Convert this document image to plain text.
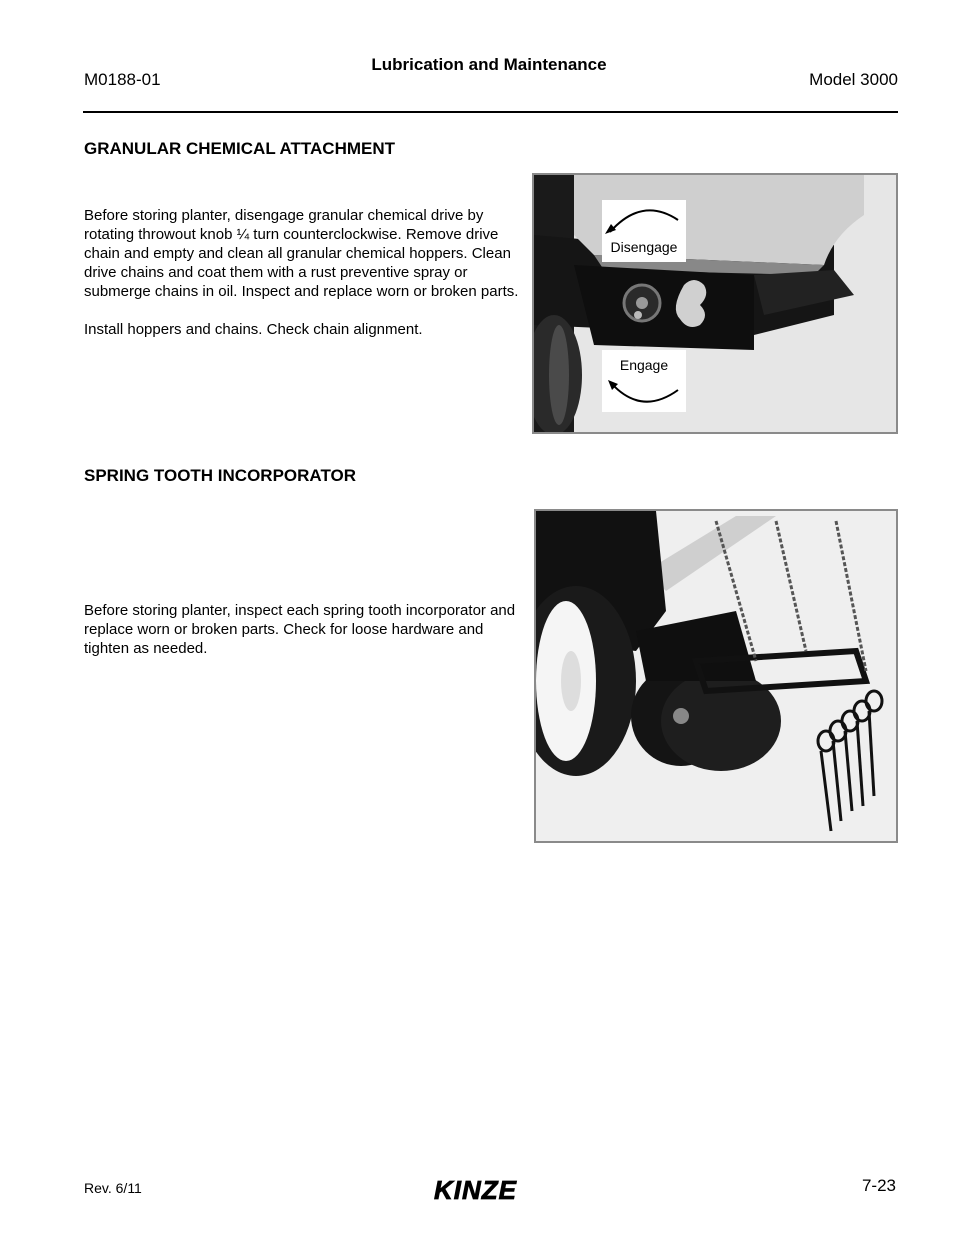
M0188-01
Lubrication and Maintenance
Model 3000
GRANULAR CHEMICAL ATTACHMENT

Before storing planter, disengage granular chemical drive by rotating throwout knob ¼ turn counterclockwise. Remove drive chain and empty and clean all granular chemical hoppers. Clean drive chains and coat them with a rust preventive spray or submerge chains in oil. Inspect and replace worn or broken parts.

Install hoppers and chains. Check chain alignment.

Disengage
Engage
SPRING TOOTH INCORPORATOR

Before storing planter, inspect each spring tooth incorporator and replace worn or broken parts. Check for loose hardware and tighten as needed.

Rev. 6/11	KINZE	7-23
